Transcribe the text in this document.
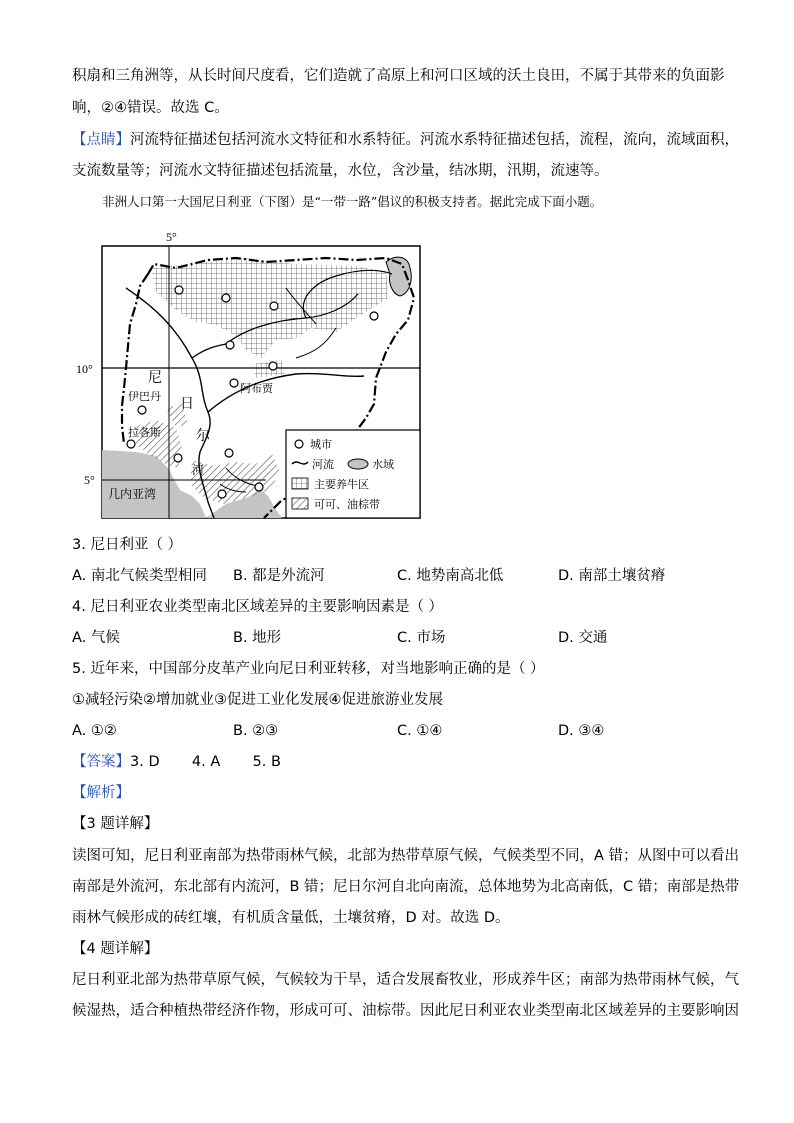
积扇和三角洲等，从长时间尺度看，它们造就了高原上和河口区域的沃土良田，不属于其带来的负面影
响，②④错误。故选 C。
【点睛】河流特征描述包括河流水文特征和水系特征。河流水系特征描述包括，流程，流向，流域面积，
支流数量等；河流水文特征描述包括流量，水位，含沙量，结冰期，汛期，流速等。
非洲人口第一大国尼日利亚（下图）是“一带一路”倡议的积极支持者。据此完成下面小题。
5°
10°
5°
尼
日
尔
河
阿布贾
伊巴丹
拉各斯
几内亚湾
城市
河流	水域
主要养牛区
可可、油棕带
3. 尼日利亚（ ）
A. 南北气候类型相同 B. 都是外流河	C. 地势南高北低	D. 南部土壤贫瘠
4. 尼日利亚农业类型南北区域差异的主要影响因素是（ ）
A. 气候	B. 地形	C. 市场	D. 交通
5. 近年来，中国部分皮革产业向尼日利亚转移，对当地影响正确的是（ ）
①减轻污染②增加就业③促进工业化发展④促进旅游业发展
A. ①②	B. ②③	C. ①④	D. ③④
【答案】3. D       4. A       5. B
【解析】
【3 题详解】
读图可知，尼日利亚南部为热带雨林气候，北部为热带草原气候，气候类型不同，A 错；从图中可以看出
南部是外流河，东北部有内流河，B 错；尼日尔河自北向南流，总体地势为北高南低，C 错；南部是热带
雨林气候形成的砖红壤，有机质含量低，土壤贫瘠，D 对。故选 D。
【4 题详解】
尼日利亚北部为热带草原气候，气候较为干旱，适合发展畜牧业，形成养牛区；南部为热带雨林气候，气
候湿热，适合种植热带经济作物，形成可可、油棕带。因此尼日利亚农业类型南北区域差异的主要影响因
